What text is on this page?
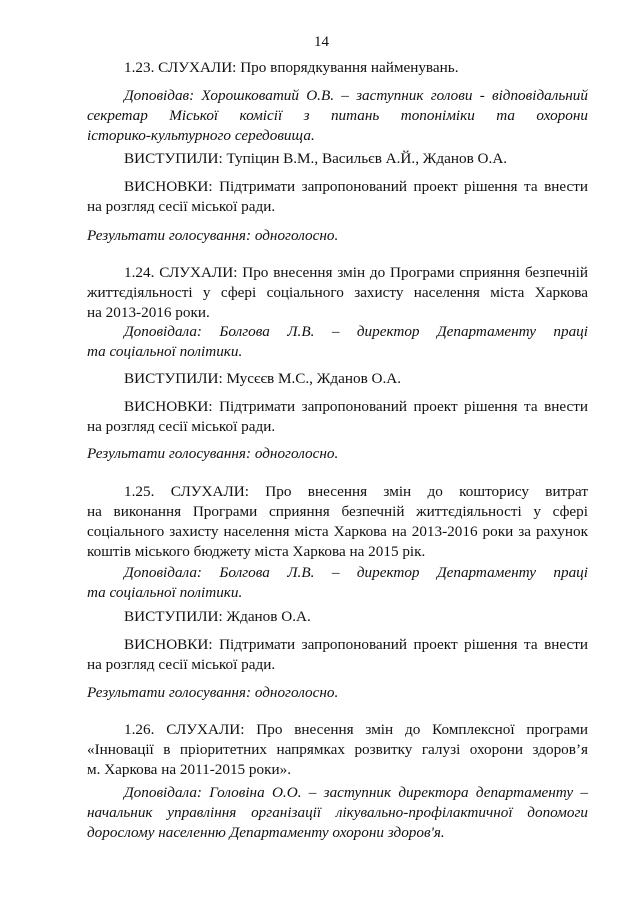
14
1.23. СЛУХАЛИ: Про впорядкування найменувань.
Доповідав: Хорошковатий О.В. – заступник голови - відповідальний
секретар Міської комісії з питань топоніміки та охорони
історико-культурного середовища.
ВИСТУПИЛИ: Тупіцин В.М., Васильєв А.Й., Жданов О.А.
ВИСНОВКИ: Підтримати запропонований проект рішення та внести
на розгляд сесії міської ради.
Результати голосування: одноголосно.
1.24. СЛУХАЛИ: Про внесення змін до Програми сприяння безпечній
життєдіяльності у сфері соціального захисту населення міста Харкова
на 2013-2016 роки.
Доповідала: Болгова Л.В. – директор Департаменту праці
та соціальної політики.
ВИСТУПИЛИ: Мусєєв М.С., Жданов О.А.
ВИСНОВКИ: Підтримати запропонований проект рішення та внести
на розгляд сесії міської ради.
Результати голосування: одноголосно.
1.25. СЛУХАЛИ: Про внесення змін до кошторису витрат
на виконання Програми сприяння безпечній життєдіяльності у сфері
соціального захисту населення міста Харкова на 2013-2016 роки за рахунок
коштів міського бюджету міста Харкова на 2015 рік.
Доповідала: Болгова Л.В. – директор Департаменту праці
та соціальної політики.
ВИСТУПИЛИ: Жданов О.А.
ВИСНОВКИ: Підтримати запропонований проект рішення та внести
на розгляд сесії міської ради.
Результати голосування: одноголосно.
1.26. СЛУХАЛИ: Про внесення змін до Комплексної програми
«Інновації в пріоритетних напрямках розвитку галузі охорони здоров’я
м. Харкова на 2011-2015 роки».
Доповідала: Головіна О.О. – заступник директора департаменту –
начальник управління організації лікувально-профілактичної допомоги
дорослому населенню Департаменту охорони здоров'я.
